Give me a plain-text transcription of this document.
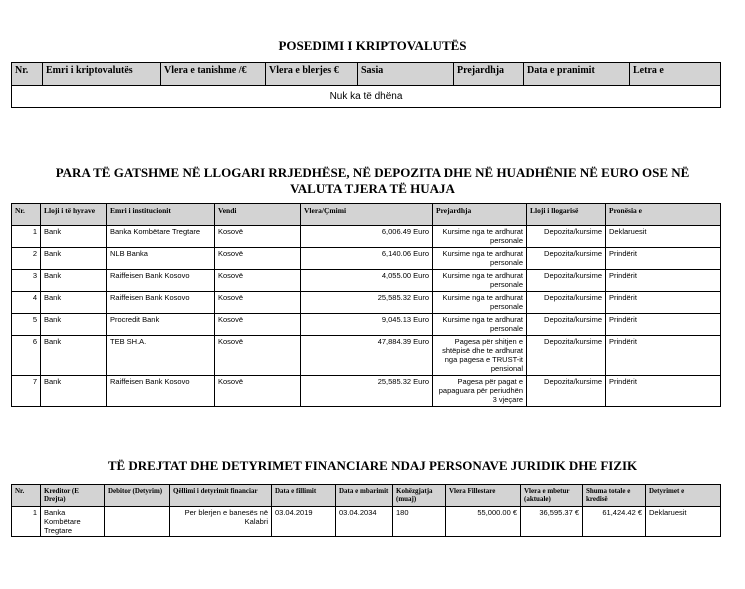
POSEDIMI I KRIPTOVALUTËS
Nr.	Emri i kriptovalutës	Vlera e tanishme /€	Vlera e blerjes €	Sasia	Prejardhja	Data e pranimit	Letra e
Nuk ka të dhëna
PARA TË GATSHME NË LLOGARI RRJEDHËSE, NË DEPOZITA DHE NË HUADHËNIE NË EURO OSE NË
VALUTA TJERA TË HUAJA
Nr.	Lloji i të hyrave	Emri i institucionit	Vendi	Vlera/Çmimi	Prejardhja	Lloji i llogarisë	Pronësia e
1	Bank	Banka Kombëtare Tregtare	Kosovë	6,006.49 Euro	Kursime nga te ardhurat personale	Depozita/kursime	Deklaruesit
2	Bank	NLB Banka	Kosovë	6,140.06 Euro	Kursime nga te ardhurat personale	Depozita/kursime	Prindërit
3	Bank	Raiffeisen Bank Kosovo	Kosovë	4,055.00 Euro	Kursime nga te ardhurat personale	Depozita/kursime	Prindërit
4	Bank	Raiffeisen Bank Kosovo	Kosovë	25,585.32 Euro	Kursime nga te ardhurat personale	Depozita/kursime	Prindërit
5	Bank	Procredit Bank	Kosovë	9,045.13 Euro	Kursime nga te ardhurat personale	Depozita/kursime	Prindërit
6	Bank	TEB SH.A.	Kosovë	47,884.39 Euro	Pagesa për shitjen e shtëpisë dhe te ardhurat nga pagesa e TRUST-it pensional	Depozita/kursime	Prindërit
7	Bank	Raiffeisen Bank Kosovo	Kosovë	25,585.32 Euro	Pagesa për pagat e papaguara për periudhën 3 vjeçare	Depozita/kursime	Prindërit
TË DREJTAT DHE DETYRIMET FINANCIARE NDAJ PERSONAVE JURIDIK DHE FIZIK
Nr.	Kreditor (E Drejta)	Debitor (Detyrim)	Qëllimi i detyrimit financiar	Data e fillimit	Data e mbarimit	Kohëzgjatja (muaj)	Vlera Fillestare	Vlera e mbetur (aktuale)	Shuma totale e kredisë	Detyrimet e
1	Banka Kombëtare Tregtare		Per blerjen e banesës në Kalabri	03.04.2019	03.04.2034	180	55,000.00 €	36,595.37 €	61,424.42 €	Deklaruesit
